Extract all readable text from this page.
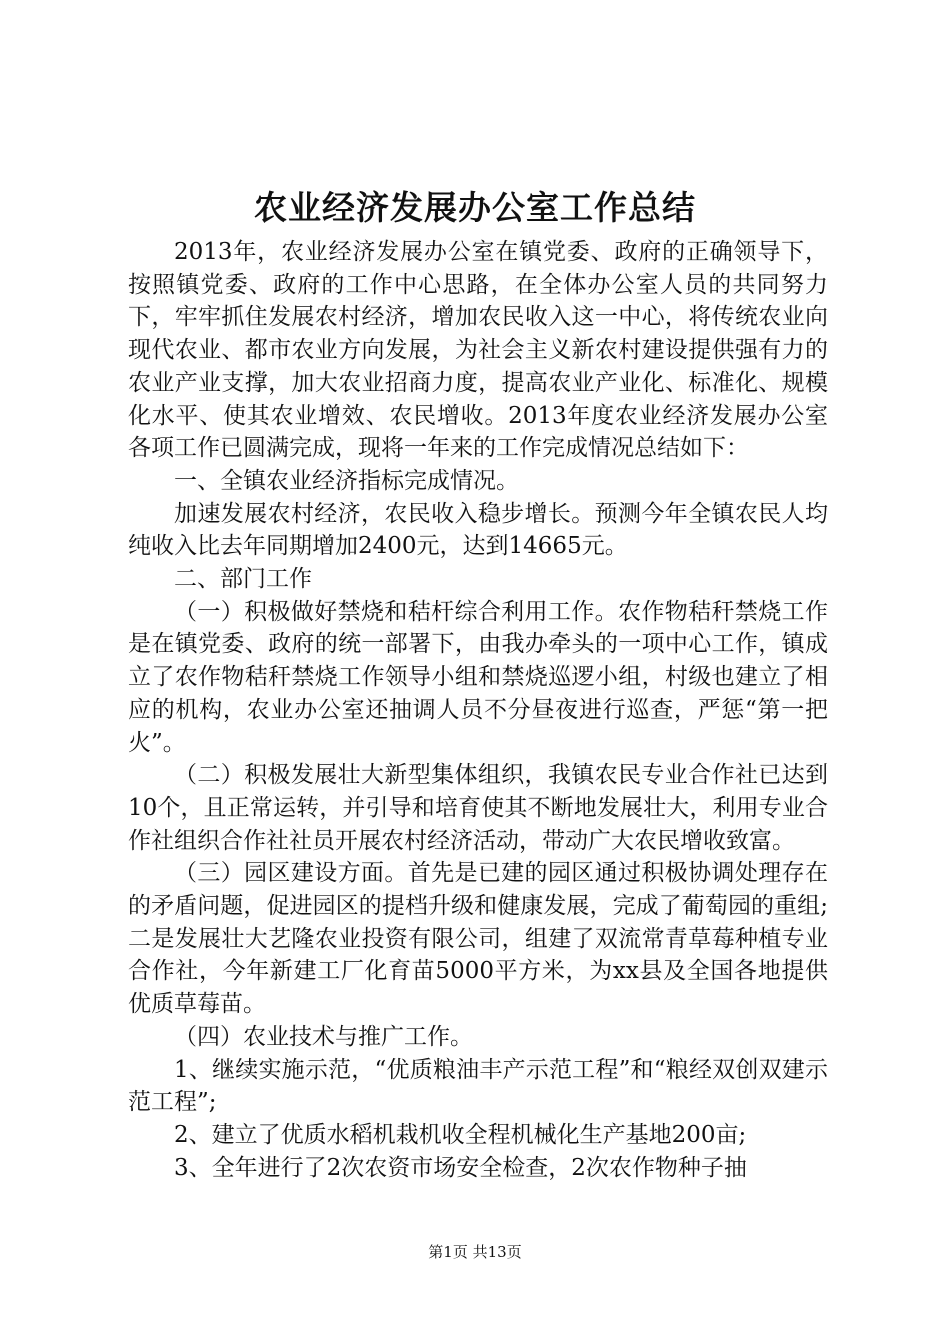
农业经济发展办公室工作总结

2013年，农业经济发展办公室在镇党委、政府的正确领导下，按照镇党委、政府的工作中心思路，在全体办公室人员的共同努力下，牢牢抓住发展农村经济，增加农民收入这一中心，将传统农业向现代农业、都市农业方向发展，为社会主义新农村建设提供强有力的农业产业支撑，加大农业招商力度，提高农业产业化、标准化、规模化水平、使其农业增效、农民增收。2013年度农业经济发展办公室各项工作已圆满完成，现将一年来的工作完成情况总结如下：

一、全镇农业经济指标完成情况。

加速发展农村经济，农民收入稳步增长。预测今年全镇农民人均纯收入比去年同期增加2400元，达到14665元。

二、部门工作

（一）积极做好禁烧和秸杆综合利用工作。农作物秸秆禁烧工作是在镇党委、政府的统一部署下，由我办牵头的一项中心工作，镇成立了农作物秸秆禁烧工作领导小组和禁烧巡逻小组，村级也建立了相应的机构，农业办公室还抽调人员不分昼夜进行巡查，严惩“第一把火”。

（二）积极发展壮大新型集体组织，我镇农民专业合作社已达到10个，且正常运转，并引导和培育使其不断地发展壮大，利用专业合作社组织合作社社员开展农村经济活动，带动广大农民增收致富。

（三）园区建设方面。首先是已建的园区通过积极协调处理存在的矛盾问题，促进园区的提档升级和健康发展，完成了葡萄园的重组;二是发展壮大艺隆农业投资有限公司，组建了双流常青草莓种植专业合作社，今年新建工厂化育苗5000平方米，为xx县及全国各地提供优质草莓苗。

（四）农业技术与推广工作。

1、继续实施示范，“优质粮油丰产示范工程”和“粮经双创双建示范工程”;

2、建立了优质水稻机栽机收全程机械化生产基地200亩;

3、全年进行了2次农资市场安全检查，2次农作物种子抽

第1页 共13页
